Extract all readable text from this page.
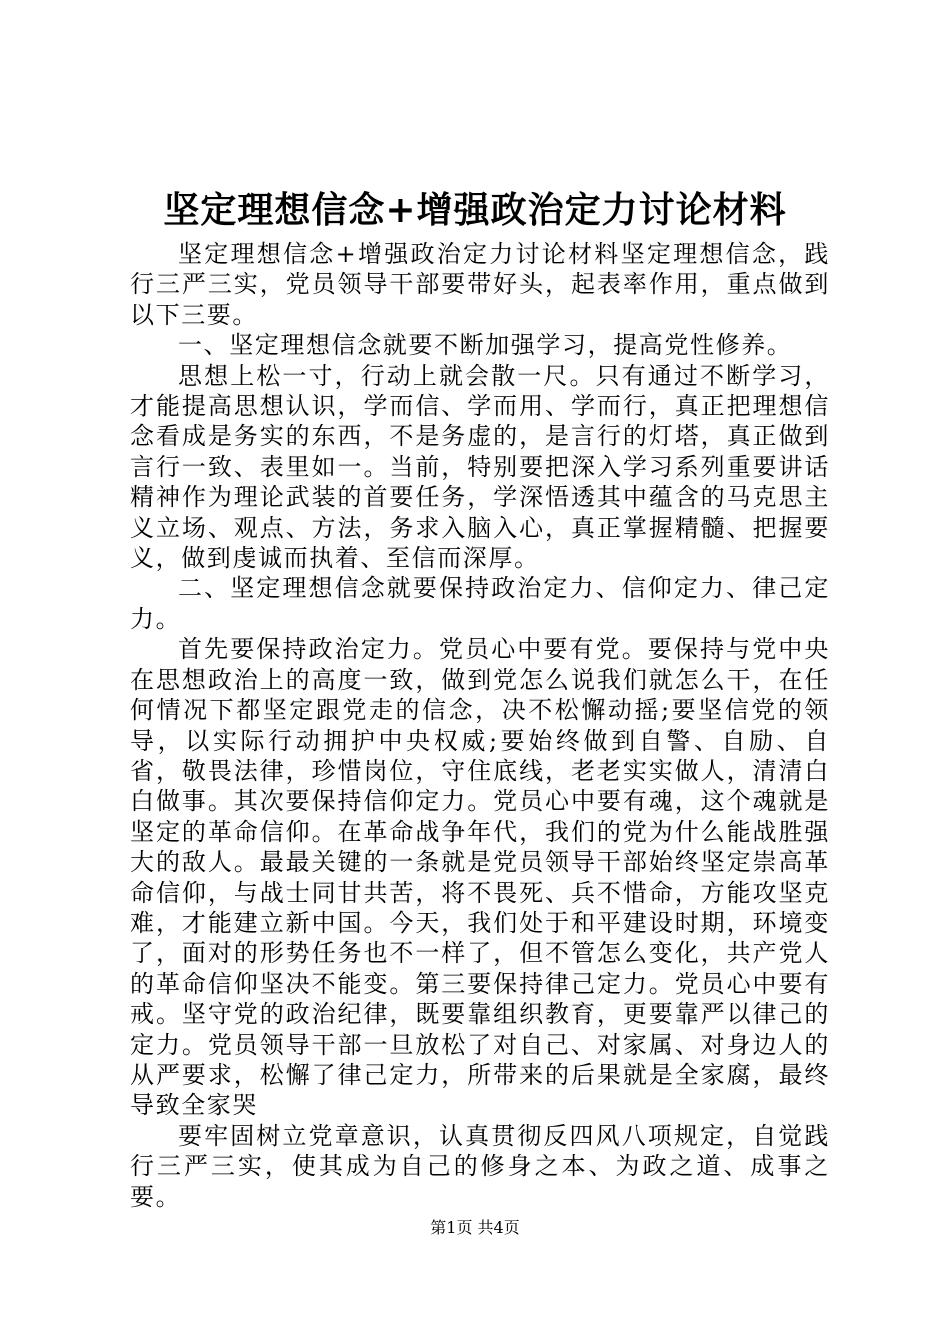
坚定理想信念+增强政治定力讨论材料

坚定理想信念+增强政治定力讨论材料坚定理想信念，践行三严三实，党员领导干部要带好头，起表率作用，重点做到以下三要。

一、坚定理想信念就要不断加强学习，提高党性修养。

思想上松一寸，行动上就会散一尺。只有通过不断学习，才能提高思想认识，学而信、学而用、学而行，真正把理想信念看成是务实的东西，不是务虚的，是言行的灯塔，真正做到言行一致、表里如一。当前，特别要把深入学习系列重要讲话精神作为理论武装的首要任务，学深悟透其中蕴含的马克思主义立场、观点、方法，务求入脑入心，真正掌握精髓、把握要义，做到虔诚而执着、至信而深厚。

二、坚定理想信念就要保持政治定力、信仰定力、律己定力。

首先要保持政治定力。党员心中要有党。要保持与党中央在思想政治上的高度一致，做到党怎么说我们就怎么干，在任何情况下都坚定跟党走的信念，决不松懈动摇;要坚信党的领导，以实际行动拥护中央权威;要始终做到自警、自励、自省，敬畏法律，珍惜岗位，守住底线，老老实实做人，清清白白做事。其次要保持信仰定力。党员心中要有魂，这个魂就是坚定的革命信仰。在革命战争年代，我们的党为什么能战胜强大的敌人。最最关键的一条就是党员领导干部始终坚定崇高革命信仰，与战士同甘共苦，将不畏死、兵不惜命，方能攻坚克难，才能建立新中国。今天，我们处于和平建设时期，环境变了，面对的形势任务也不一样了，但不管怎么变化，共产党人的革命信仰坚决不能变。第三要保持律己定力。党员心中要有戒。坚守党的政治纪律，既要靠组织教育，更要靠严以律己的定力。党员领导干部一旦放松了对自己、对家属、对身边人的从严要求，松懈了律己定力，所带来的后果就是全家腐，最终导致全家哭

要牢固树立党章意识，认真贯彻反四风八项规定，自觉践行三严三实，使其成为自己的修身之本、为政之道、成事之要。

第1页 共4页
